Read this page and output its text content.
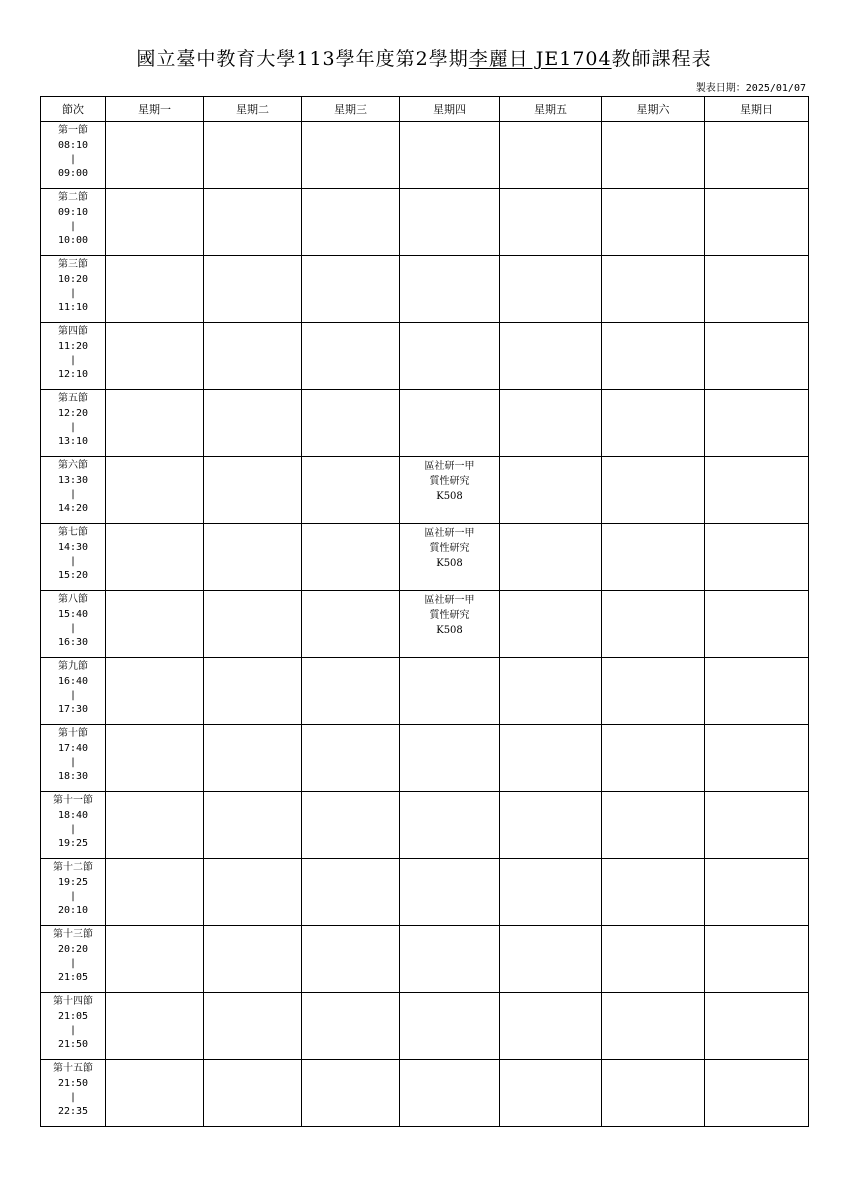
國立臺中教育大學113學年度第2學期李麗日 JE1704教師課程表
製表日期：2025/01/07
節次	星期一	星期二	星期三	星期四	星期五	星期六	星期日

第一節
08:10
|
09:00							

第二節
09:10
|
10:00							

第三節
10:20
|
11:10							

第四節
11:20
|
12:10							

第五節
12:20
|
13:10							

第六節
13:30
|
14:20				區社研一甲
質性研究
K508			

第七節
14:30
|
15:20				區社研一甲
質性研究
K508			

第八節
15:40
|
16:30				區社研一甲
質性研究
K508			

第九節
16:40
|
17:30							

第十節
17:40
|
18:30							

第十一節
18:40
|
19:25							

第十二節
19:25
|
20:10							

第十三節
20:20
|
21:05							

第十四節
21:05
|
21:50							

第十五節
21:50
|
22:35							
